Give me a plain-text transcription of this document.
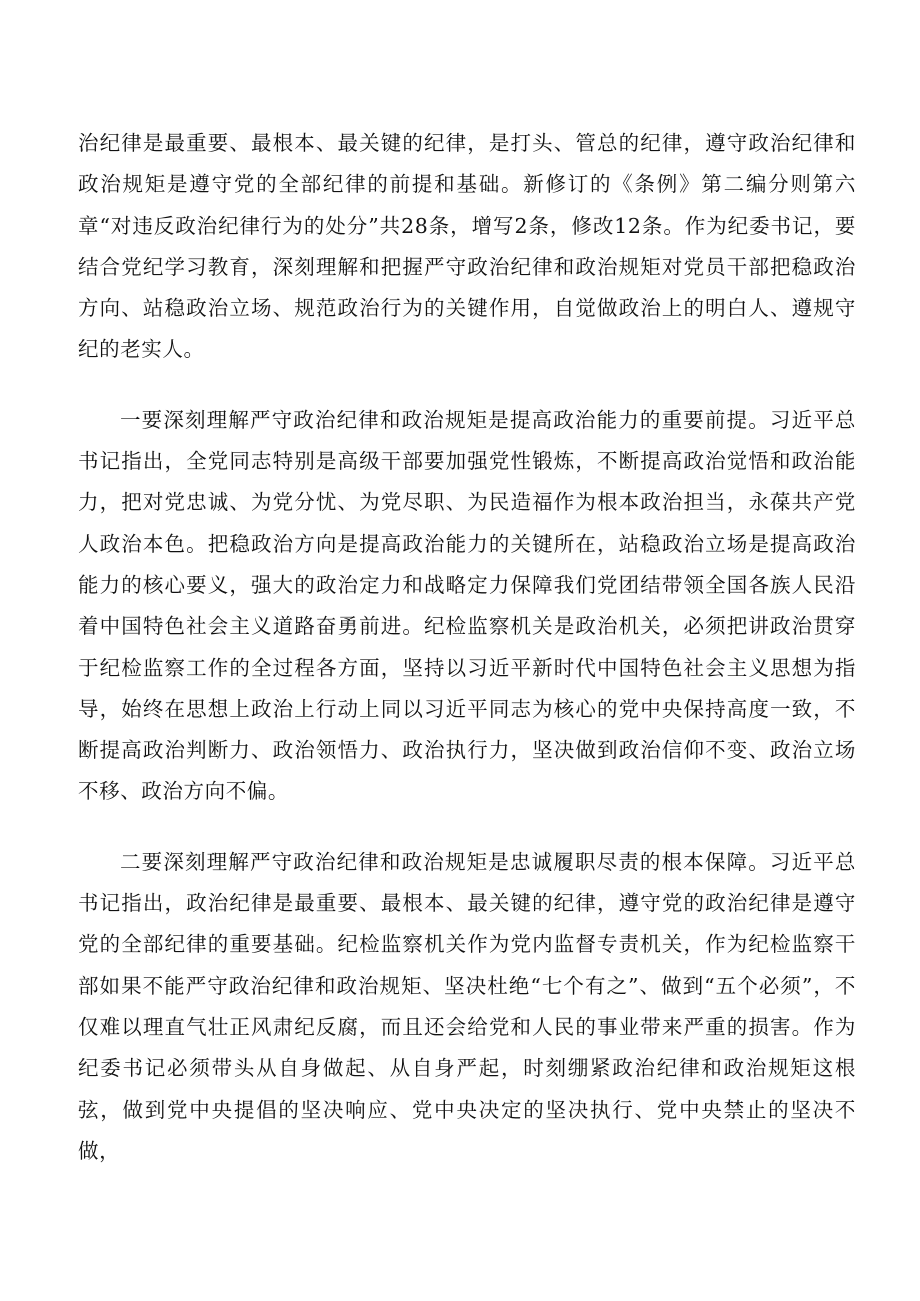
治纪律是最重要、最根本、最关键的纪律，是打头、管总的纪律，遵守政治纪律和政治规矩是遵守党的全部纪律的前提和基础。新修订的《条例》第二编分则第六章“对违反政治纪律行为的处分”共28条，增写2条，修改12条。作为纪委书记，要结合党纪学习教育，深刻理解和把握严守政治纪律和政治规矩对党员干部把稳政治方向、站稳政治立场、规范政治行为的关键作用，自觉做政治上的明白人、遵规守纪的老实人。

一要深刻理解严守政治纪律和政治规矩是提高政治能力的重要前提。习近平总书记指出，全党同志特别是高级干部要加强党性锻炼，不断提高政治觉悟和政治能力，把对党忠诚、为党分忧、为党尽职、为民造福作为根本政治担当，永葆共产党人政治本色。把稳政治方向是提高政治能力的关键所在，站稳政治立场是提高政治能力的核心要义，强大的政治定力和战略定力保障我们党团结带领全国各族人民沿着中国特色社会主义道路奋勇前进。纪检监察机关是政治机关，必须把讲政治贯穿于纪检监察工作的全过程各方面，坚持以习近平新时代中国特色社会主义思想为指导，始终在思想上政治上行动上同以习近平同志为核心的党中央保持高度一致，不断提高政治判断力、政治领悟力、政治执行力，坚决做到政治信仰不变、政治立场不移、政治方向不偏。

二要深刻理解严守政治纪律和政治规矩是忠诚履职尽责的根本保障。习近平总书记指出，政治纪律是最重要、最根本、最关键的纪律，遵守党的政治纪律是遵守党的全部纪律的重要基础。纪检监察机关作为党内监督专责机关，作为纪检监察干部如果不能严守政治纪律和政治规矩、坚决杜绝“七个有之”、做到“五个必须”，不仅难以理直气壮正风肃纪反腐，而且还会给党和人民的事业带来严重的损害。作为纪委书记必须带头从自身做起、从自身严起，时刻绷紧政治纪律和政治规矩这根弦，做到党中央提倡的坚决响应、党中央决定的坚决执行、党中央禁止的坚决不做，
